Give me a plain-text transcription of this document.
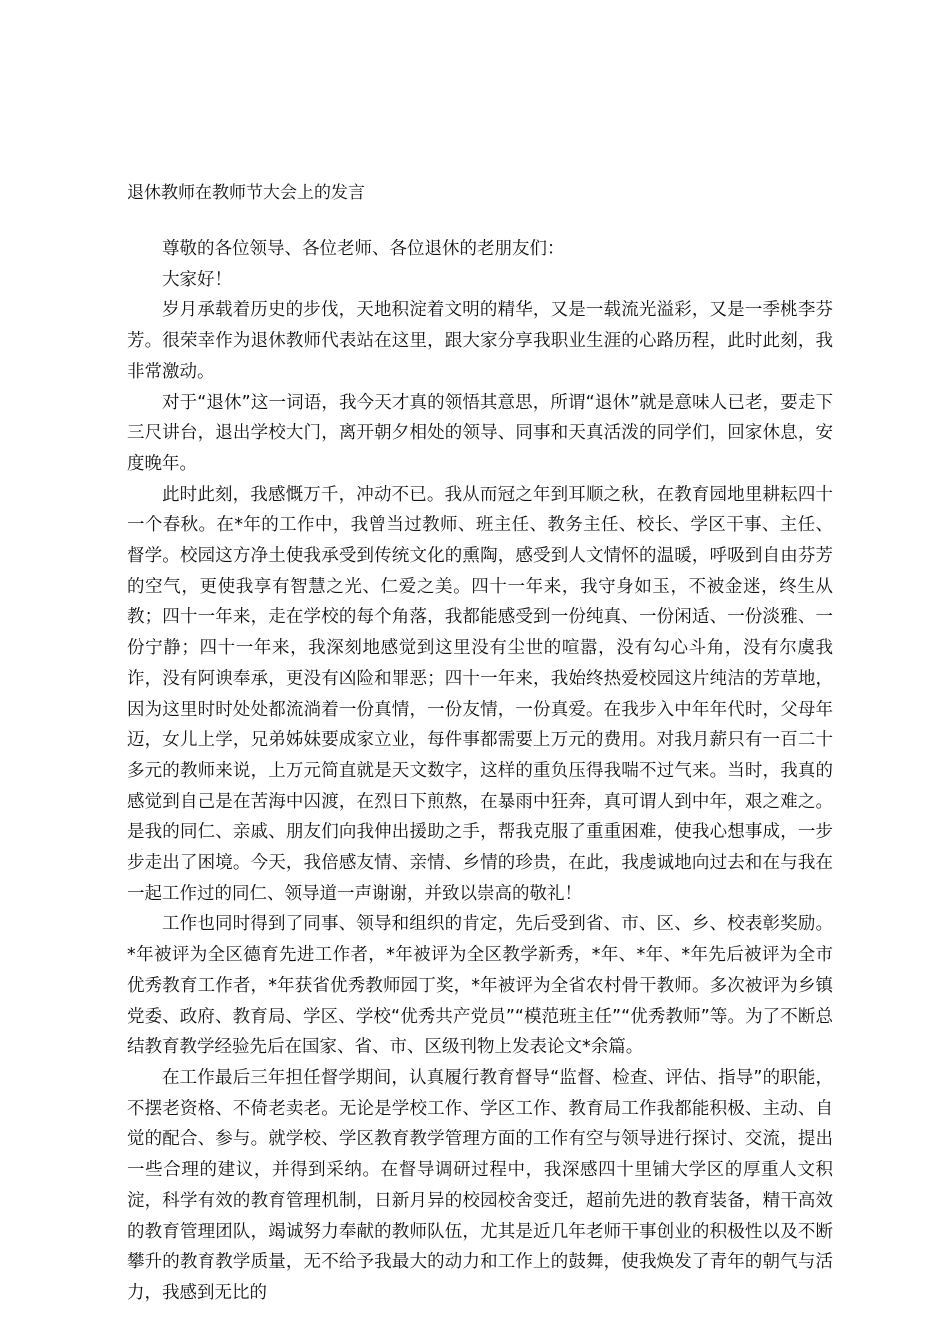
退休教师在教师节大会上的发言

尊敬的各位领导、各位老师、各位退休的老朋友们：

大家好！

岁月承载着历史的步伐，天地积淀着文明的精华，又是一载流光溢彩，又是一季桃李芬芳。很荣幸作为退休教师代表站在这里，跟大家分享我职业生涯的心路历程，此时此刻，我非常激动。

对于“退休”这一词语，我今天才真的领悟其意思，所谓“退休”就是意味人已老，要走下三尺讲台，退出学校大门，离开朝夕相处的领导、同事和天真活泼的同学们，回家休息，安度晚年。

此时此刻，我感慨万千，冲动不已。我从而冠之年到耳顺之秋，在教育园地里耕耘四十一个春秋。在*年的工作中，我曾当过教师、班主任、教务主任、校长、学区干事、主任、督学。校园这方净土使我承受到传统文化的熏陶，感受到人文情怀的温暖，呼吸到自由芬芳的空气，更使我享有智慧之光、仁爱之美。四十一年来，我守身如玉，不被金迷，终生从教；四十一年来，走在学校的每个角落，我都能感受到一份纯真、一份闲适、一份淡雅、一份宁静；四十一年来，我深刻地感觉到这里没有尘世的喧嚣，没有勾心斗角，没有尔虞我诈，没有阿谀奉承，更没有凶险和罪恶；四十一年来，我始终热爱校园这片纯洁的芳草地，因为这里时时处处都流淌着一份真情，一份友情，一份真爱。在我步入中年年代时，父母年迈，女儿上学，兄弟姊妹要成家立业，每件事都需要上万元的费用。对我月薪只有一百二十多元的教师来说，上万元简直就是天文数字，这样的重负压得我喘不过气来。当时，我真的感觉到自己是在苦海中囚渡，在烈日下煎熬，在暴雨中狂奔，真可谓人到中年，艰之难之。是我的同仁、亲戚、朋友们向我伸出援助之手，帮我克服了重重困难，使我心想事成，一步步走出了困境。今天，我倍感友情、亲情、乡情的珍贵，在此，我虔诚地向过去和在与我在一起工作过的同仁、领导道一声谢谢，并致以崇高的敬礼！

工作也同时得到了同事、领导和组织的肯定，先后受到省、市、区、乡、校表彰奖励。*年被评为全区德育先进工作者，*年被评为全区教学新秀，*年、*年、*年先后被评为全市优秀教育工作者，*年获省优秀教师园丁奖，*年被评为全省农村骨干教师。多次被评为乡镇党委、政府、教育局、学区、学校“优秀共产党员”“模范班主任”“优秀教师”等。为了不断总结教育教学经验先后在国家、省、市、区级刊物上发表论文*余篇。

在工作最后三年担任督学期间，认真履行教育督导“监督、检查、评估、指导”的职能，不摆老资格、不倚老卖老。无论是学校工作、学区工作、教育局工作我都能积极、主动、自觉的配合、参与。就学校、学区教育教学管理方面的工作有空与领导进行探讨、交流，提出一些合理的建议，并得到采纳。在督导调研过程中，我深感四十里铺大学区的厚重人文积淀，科学有效的教育管理机制，日新月异的校园校舍变迁，超前先进的教育装备，精干高效的教育管理团队，竭诚努力奉献的教师队伍，尤其是近几年老师干事创业的积极性以及不断攀升的教育教学质量，无不给予我最大的动力和工作上的鼓舞，使我焕发了青年的朝气与活力，我感到无比的
